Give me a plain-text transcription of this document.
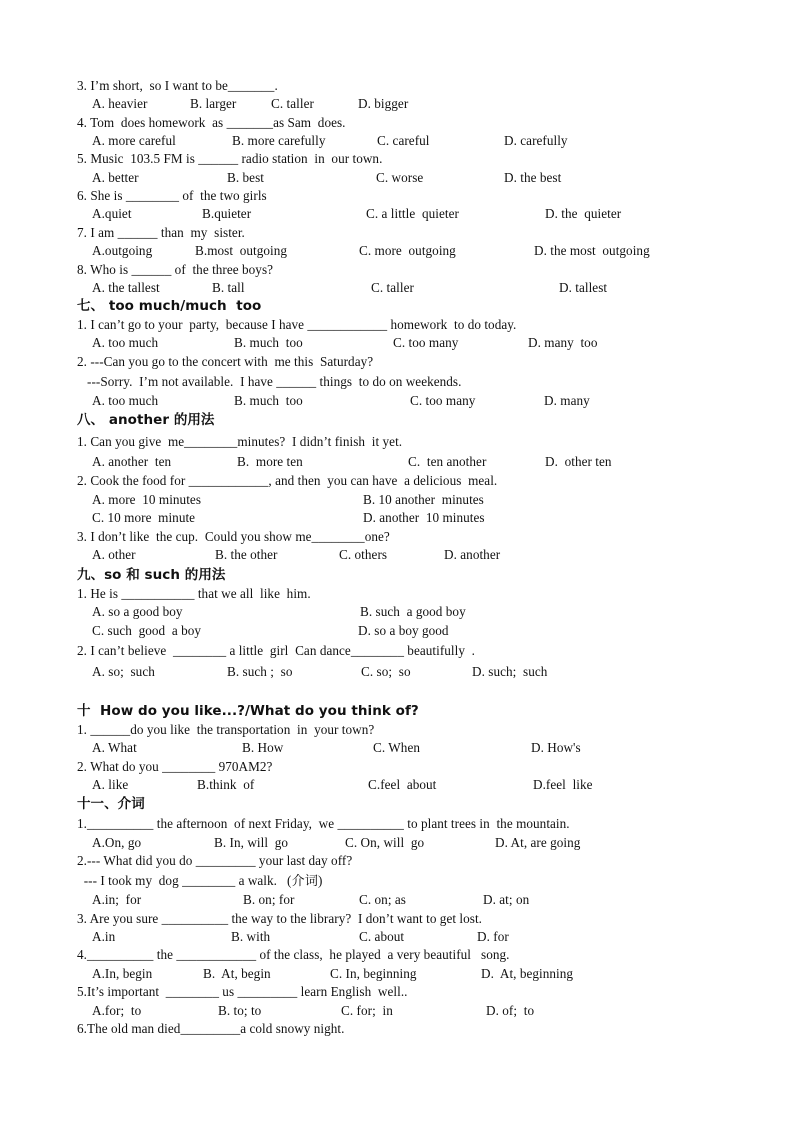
3. I’m short,  so I want to be_______.

A. heavier

	B. larger

	C. taller

	D. bigger

4. Tom  does homework  as _______as Sam  does.

A. more careful

	B. more carefully

	C. careful

	D. carefully

5. Music  103.5 FM is ______ radio station  in  our town.

A. better

	B. best

	C. worse

	D. the best

6. She is ________ of  the two girls

A.quiet

	B.quieter

	C. a little  quieter

	D. the  quieter

7. I am ______ than  my  sister.

A.outgoing

	B.most  outgoing

	C. more  outgoing

	D. the most  outgoing

8. Who is ______ of  the three boys?

A. the tallest

	B. tall

	C. taller

	D. tallest

七、 too much/much  too
1. I can’t go to your  party,  because I have ____________ homework  to do today.

A. too much

	B. much  too

	C. too many

	D. many  too

2. ---Can you go to the concert with  me this  Saturday?
---Sorry.  I’m not available.  I have ______ things  to do on weekends.

A. too much

	B. much  too

	C. too many

	D. many

八、 another 的用法
1. Can you give  me________minutes?  I didn’t finish  it yet.

A. another  ten

	B.  more ten

	C.  ten another

	D.  other ten

2. Cook the food for ____________, and then  you can have  a delicious  meal.

A. more  10 minutes

	B. 10 another  minutes

C. 10 more  minute

	D. another  10 minutes

3. I don’t like  the cup.  Could you show me________one?

A. other

	B. the other

	C. others

	D. another

九、so 和 such 的用法
1. He is ___________ that we all  like  him.

A. so a good boy

	B. such  a good boy

C. such  good  a boy

	D. so a boy good

2. I can’t believe  ________ a little  girl  Can dance________ beautifully  .

A. so;  such

	B. such ;  so

	C. so;  so

	D. such;  such

十  How do you like...?/What do you think of?
1. ______do you like  the transportation  in  your town?

A. What

	B. How

	C. When

	D. How's

2. What do you ________ 970AM2?

A. like

	B.think  of

	C.feel  about

	D.feel  like

十一、介词
1.__________ the afternoon  of next Friday,  we __________ to plant trees in  the mountain.

A.On, go

	B. In, will  go

	C. On, will  go

	D. At, are going

2.--- What did you do _________ your last day off?
--- I took my  dog ________ a walk.   (介词)

A.in;  for

	B. on; for

	C. on; as

	D. at; on

3. Are you sure __________ the way to the library?  I don’t want to get lost.

A.in

	B. with

	C. about

	D. for

4.__________ the ____________ of the class,  he played  a very beautiful   song.

A.In, begin

	B.  At, begin

	C. In, beginning

	D.  At, beginning

5.It’s important  ________ us _________ learn English  well..

A.for;  to

	B. to; to

	C. for;  in

	D. of;  to

6.The old man died_________a cold snowy night.
